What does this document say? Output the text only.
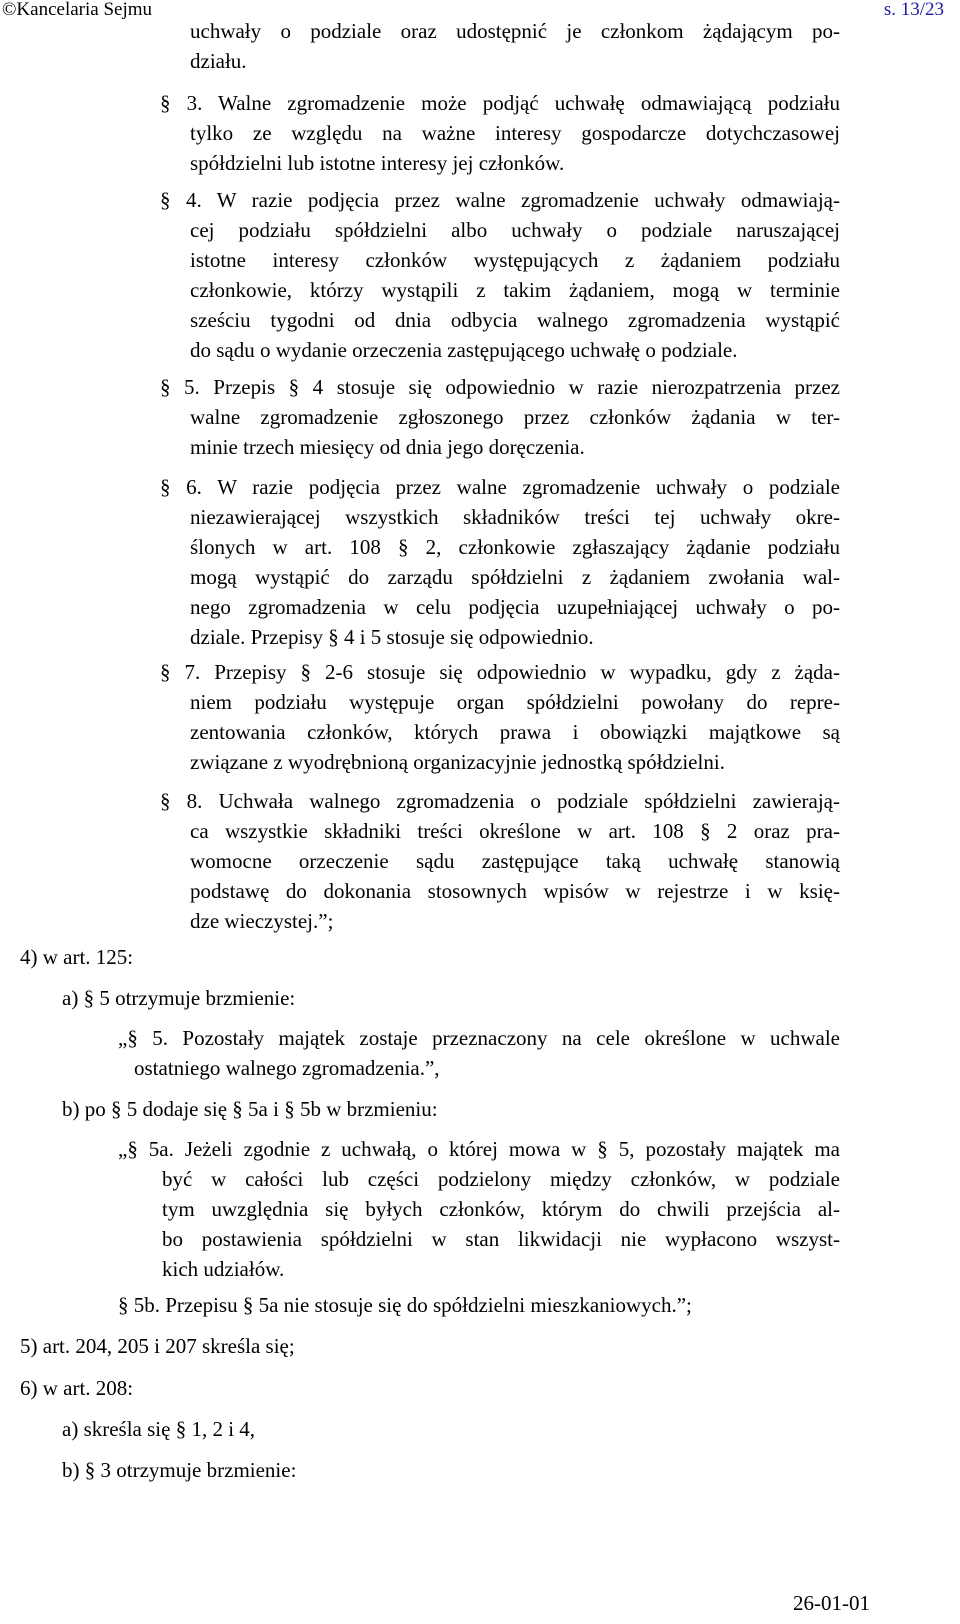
©Kancelaria Sejmu	s. 13/23

uchwały o podziale oraz udostępnić je członkom żądającym po-

działu.

§ 3. Walne zgromadzenie może podjąć uchwałę odmawiającą podziału

tylko ze względu na ważne interesy gospodarcze dotychczasowej

spółdzielni lub istotne interesy jej członków.

§ 4. W razie podjęcia przez walne zgromadzenie uchwały odmawiają-

cej podziału spółdzielni albo uchwały o podziale naruszającej

istotne interesy członków występujących z żądaniem podziału

członkowie, którzy wystąpili z takim żądaniem, mogą w terminie

sześciu tygodni od dnia odbycia walnego zgromadzenia wystąpić

do sądu o wydanie orzeczenia zastępującego uchwałę o podziale.

§ 5. Przepis § 4 stosuje się odpowiednio w razie nierozpatrzenia przez

walne zgromadzenie zgłoszonego przez członków żądania w ter-

minie trzech miesięcy od dnia jego doręczenia.

§ 6. W razie podjęcia przez walne zgromadzenie uchwały o podziale

niezawierającej wszystkich składników treści tej uchwały okre-

ślonych w art. 108 § 2, członkowie zgłaszający żądanie podziału

mogą wystąpić do zarządu spółdzielni z żądaniem zwołania wal-

nego zgromadzenia w celu podjęcia uzupełniającej uchwały o po-

dziale. Przepisy § 4 i 5 stosuje się odpowiednio.

§ 7. Przepisy § 2-6 stosuje się odpowiednio w wypadku, gdy z żąda-

niem podziału występuje organ spółdzielni powołany do repre-

zentowania członków, których prawa i obowiązki majątkowe są

związane z wyodrębnioną organizacyjnie jednostką spółdzielni.

§ 8. Uchwała walnego zgromadzenia o podziale spółdzielni zawierają-

ca wszystkie składniki treści określone w art. 108 § 2 oraz pra-

womocne orzeczenie sądu zastępujące taką uchwałę stanowią

podstawę do dokonania stosownych wpisów w rejestrze i w księ-

dze wieczystej.”;

4) w art. 125:

a) § 5 otrzymuje brzmienie:

„§ 5. Pozostały majątek zostaje przeznaczony na cele określone w uchwale

ostatniego walnego zgromadzenia.”,

b) po § 5 dodaje się § 5a i § 5b w brzmieniu:

„§ 5a. Jeżeli zgodnie z uchwałą, o której mowa w § 5, pozostały majątek ma

być w całości lub części podzielony między członków, w podziale

tym uwzględnia się byłych członków, którym do chwili przejścia al-

bo postawienia spółdzielni w stan likwidacji nie wypłacono wszyst-

kich udziałów.

§ 5b. Przepisu § 5a nie stosuje się do spółdzielni mieszkaniowych.”;

5) art. 204, 205 i 207 skreśla się;

6) w art. 208:

a) skreśla się § 1, 2 i 4,

b) § 3 otrzymuje brzmienie:

26-01-01
